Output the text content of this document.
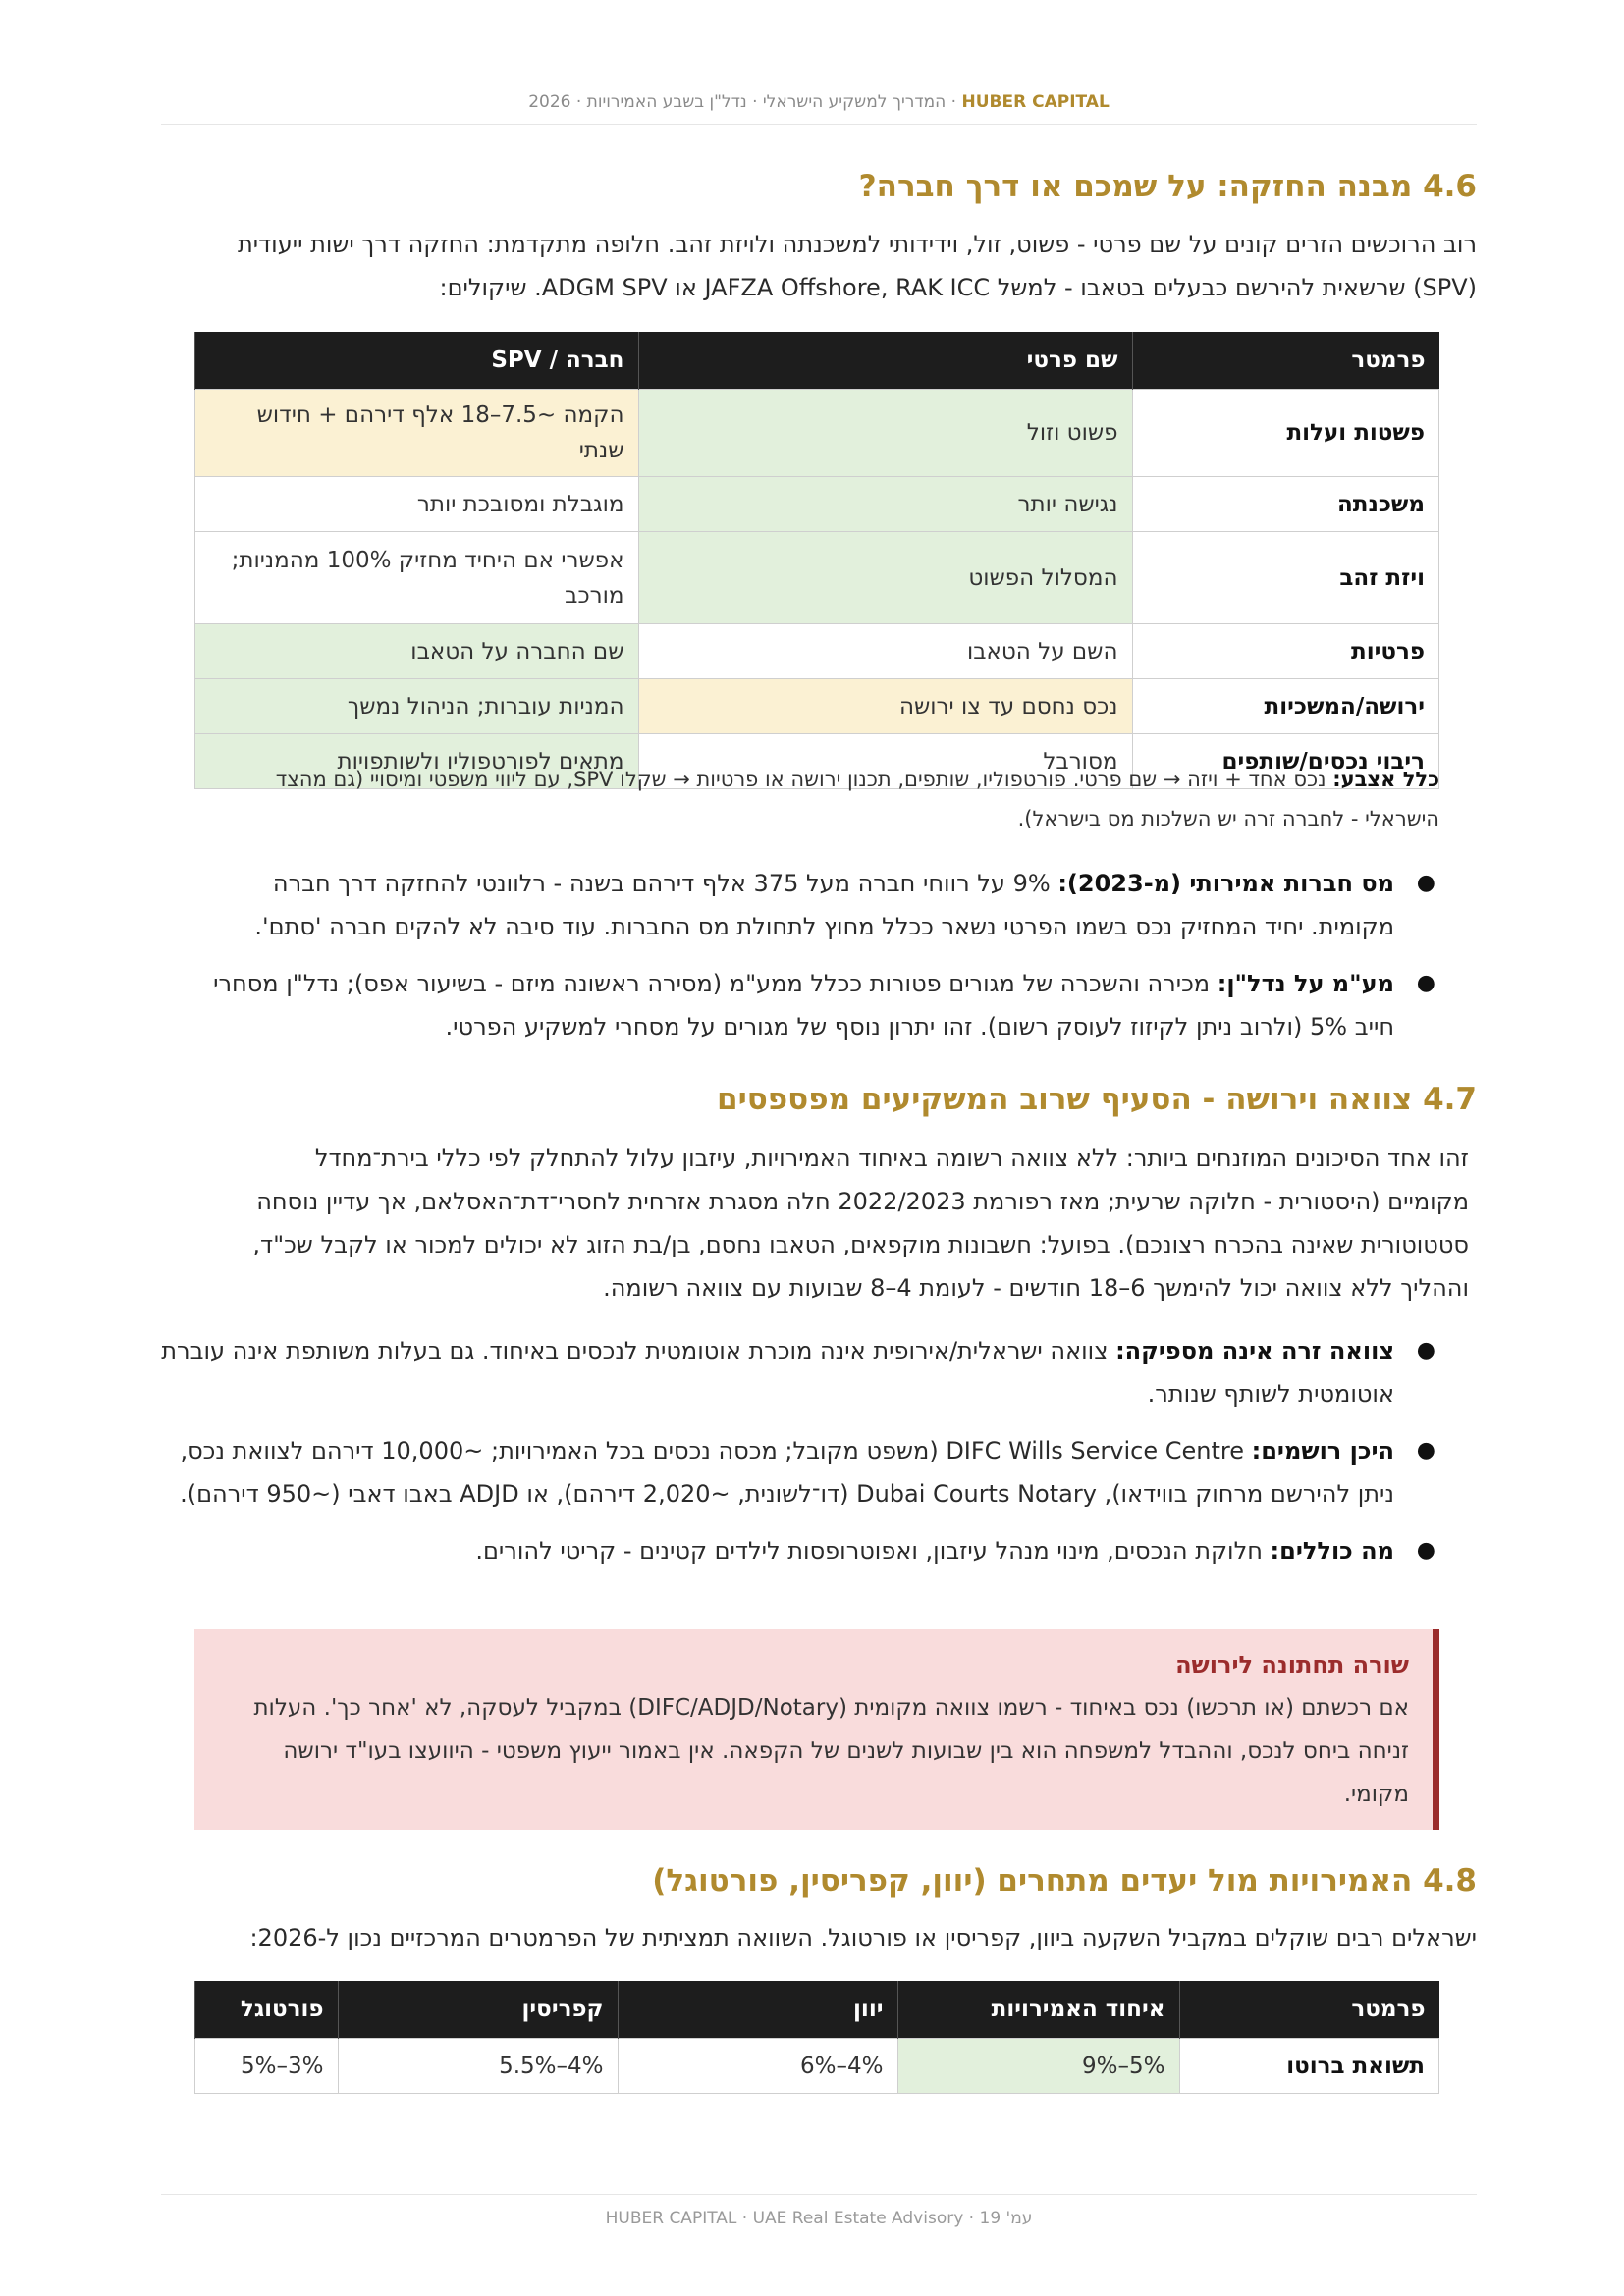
HUBER CAPITAL · המדריך למשקיע הישראלי · נדל"ן בשבע האמירויות · 2026
4.6 מבנה החזקה: על שמכם או דרך חברה?

רוב הרוכשים הזרים קונים על שם פרטי - פשוט, זול, וידידותי למשכנתה ולויזת זהב. חלופה מתקדמת: החזקה דרך ישות ייעודית

(SPV) שרשאית להירשם כבעלים בטאבו - למשל JAFZA Offshore, RAK ICC או ADGM SPV. שיקולים:

פרמטר	שם פרטי	חברה / SPV
פשטות ועלות	פשוט וזול	הקמה ~7.5–18 אלף דירהם + חידוש שנתי
משכנתה	נגישה יותר	מוגבלת ומסובכת יותר
ויזת זהב	המסלול הפשוט	אפשרי אם היחיד מחזיק 100% מהמניות; מורכב
פרטיות	השם על הטאבו	שם החברה על הטאבו
ירושה/המשכיות	נכס נחסם עד צו ירושה	המניות עוברות; הניהול נמשך
ריבוי נכסים/שותפים	מסורבל	מתאים לפורטפוליו ולשותפויות
כלל אצבע: נכס אחד + ויזה → שם פרטי. פורטפוליו, שותפים, תכנון ירושה או פרטיות → שקלו SPV, עם ליווי משפטי ומיסויי (גם מהצד
הישראלי - לחברה זרה יש השלכות מס בישראל).
●
מס חברות אמירותי (מ-2023): 9% על רווחי חברה מעל 375 אלף דירהם בשנה - רלוונטי להחזקה דרך חברה מקומית. יחיד המחזיק נכס בשמו הפרטי נשאר ככלל מחוץ לתחולת מס החברות. עוד סיבה לא להקים חברה 'סתם'.
●
מע"מ על נדל"ן: מכירה והשכרה של מגורים פטורות ככלל ממע"מ (מסירה ראשונה מיזם - בשיעור אפס); נדל"ן מסחרי חייב 5% (ולרוב ניתן לקיזוז לעוסק רשום). זהו יתרון נוסף של מגורים על מסחרי למשקיע הפרטי.
4.7 צוואה וירושה - הסעיף שרוב המשקיעים מפספסים

זהו אחד הסיכונים המוזנחים ביותר: ללא צוואה רשומה באיחוד האמירויות, עיזבון עלול להתחלק לפי כללי בירת־מחדל

מקומיים (היסטורית - חלוקה שרעית; מאז רפורמת 2022/2023 חלה מסגרת אזרחית לחסרי־דת־האסלאם, אך עדיין נוסחה

סטטוטורית שאינה בהכרח רצונכם). בפועל: חשבונות מוקפאים, הטאבו נחסם, בן/בת הזוג לא יכולים למכור או לקבל שכ"ד,

וההליך ללא צוואה יכול להימשך 6–18 חודשים - לעומת 4–8 שבועות עם צוואה רשומה.

●
צוואה זרה אינה מספיקה: צוואה ישראלית/אירופית אינה מוכרת אוטומטית לנכסים באיחוד. גם בעלות משותפת אינה עוברת אוטומטית לשותף שנותר.
●
היכן רושמים: DIFC Wills Service Centre (משפט מקובל; מכסה נכסים בכל האמירויות; ~10,000 דירהם לצוואת נכס, ניתן להירשם מרחוק בווידאו), Dubai Courts Notary (דו־לשונית, ~2,020 דירהם), או ADJD באבו דאבי (~950 דירהם).
●
מה כוללים: חלוקת הנכסים, מינוי מנהל עיזבון, ואפוטרופסות לילדים קטינים - קריטי להורים.
שורה תחתונה לירושה
אם רכשתם (או תרכשו) נכס באיחוד - רשמו צוואה מקומית (DIFC/ADJD/Notary) במקביל לעסקה, לא 'אחר כך'. העלות זניחה ביחס לנכס, וההבדל למשפחה הוא בין שבועות לשנים של הקפאה. אין באמור ייעוץ משפטי - היוועצו בעו"ד ירושה מקומי.
4.8 האמירויות מול יעדים מתחרים (יוון, קפריסין, פורטוגל)

ישראלים רבים שוקלים במקביל השקעה ביוון, קפריסין או פורטוגל. השוואה תמציתית של הפרמטרים המרכזיים נכון ל-2026:

פרמטר	איחוד האמירויות	יוון	קפריסין	פורטוגל
תשואת ברוטו	5%–9%	4%–6%	4%–5.5%	3%–5%
עמ' 19 · HUBER CAPITAL · UAE Real Estate Advisory
